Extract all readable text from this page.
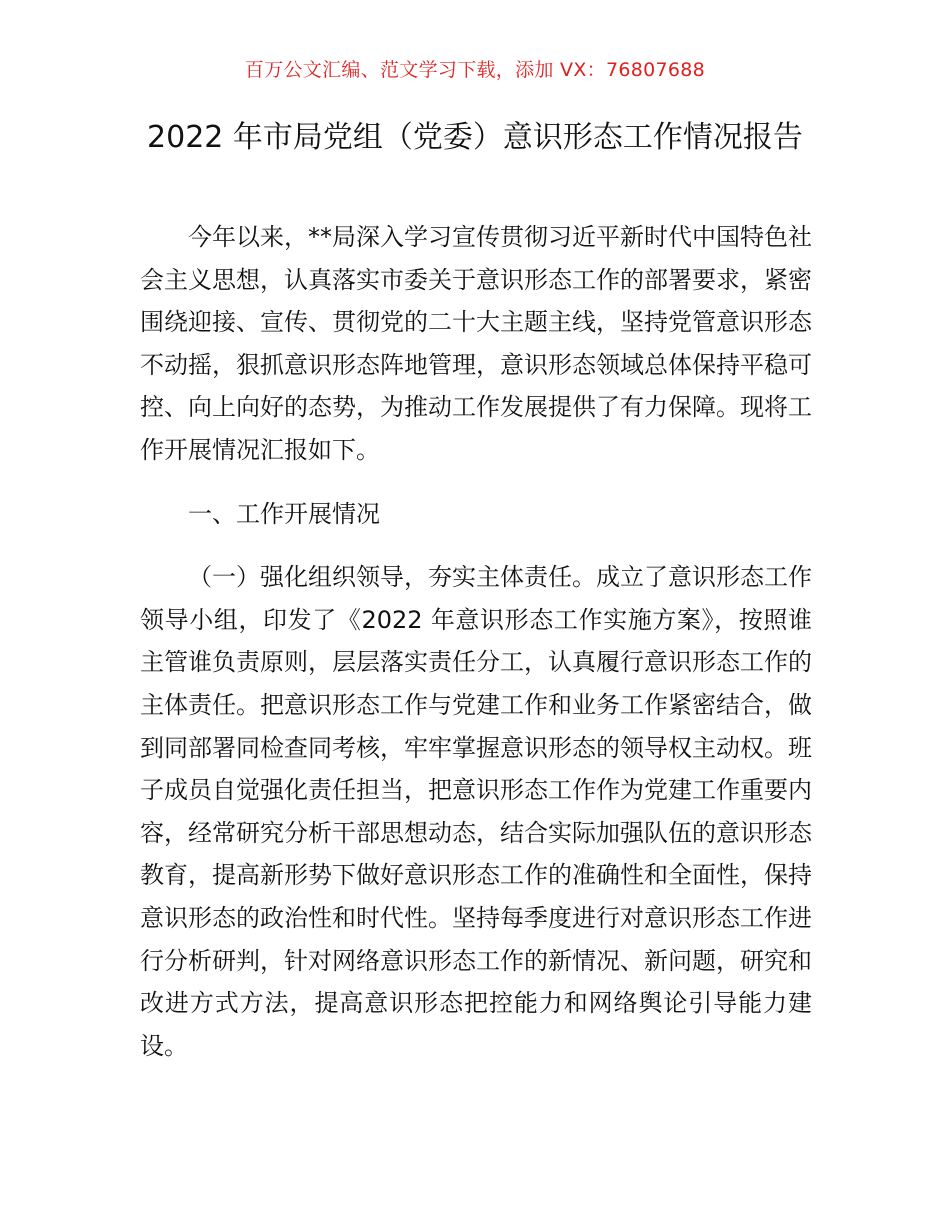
百万公文汇编、范文学习下载，添加 VX：76807688
2022 年市局党组（党委）意识形态工作情况报告

今年以来，**局深入学习宣传贯彻习近平新时代中国特色社会主义思想，认真落实市委关于意识形态工作的部署要求，紧密围绕迎接、宣传、贯彻党的二十大主题主线，坚持党管意识形态不动摇，狠抓意识形态阵地管理，意识形态领域总体保持平稳可控、向上向好的态势，为推动工作发展提供了有力保障。现将工作开展情况汇报如下。

一、工作开展情况

（一）强化组织领导，夯实主体责任。成立了意识形态工作领导小组，印发了《2022 年意识形态工作实施方案》，按照谁主管谁负责原则，层层落实责任分工，认真履行意识形态工作的主体责任。把意识形态工作与党建工作和业务工作紧密结合，做到同部署同检查同考核，牢牢掌握意识形态的领导权主动权。班子成员自觉强化责任担当，把意识形态工作作为党建工作重要内容，经常研究分析干部思想动态，结合实际加强队伍的意识形态教育，提高新形势下做好意识形态工作的准确性和全面性，保持意识形态的政治性和时代性。坚持每季度进行对意识形态工作进行分析研判，针对网络意识形态工作的新情况、新问题，研究和改进方式方法，提高意识形态把控能力和网络舆论引导能力建设。
